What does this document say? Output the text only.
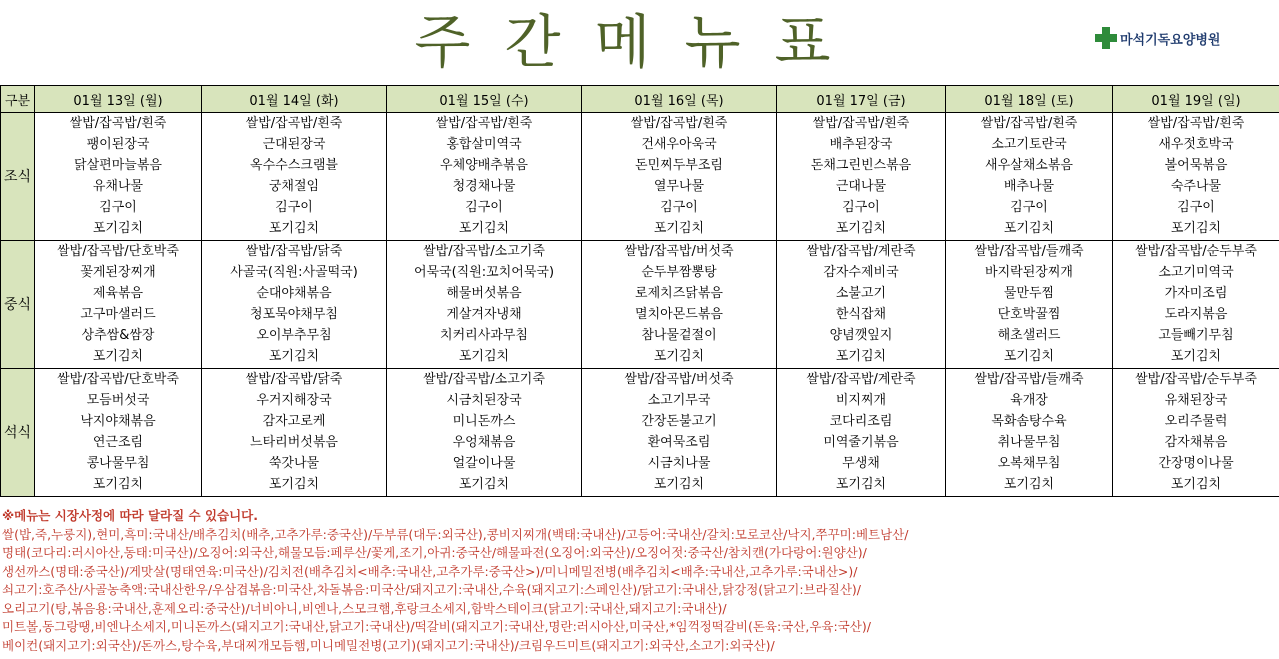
주간메뉴표	마석기독요양병원
구분	01월 13일 (월)	01월 14일 (화)	01월 15일 (수)	01월 16일 (목)	01월 17일 (금)	01월 18일 (토)	01월 19일 (일)
조식	쌀밥/잡곡밥/흰죽	쌀밥/잡곡밥/흰죽	쌀밥/잡곡밥/흰죽	쌀밥/잡곡밥/흰죽	쌀밥/잡곡밥/흰죽	쌀밥/잡곡밥/흰죽	쌀밥/잡곡밥/흰죽
	팽이된장국	근대된장국	홍합살미역국	건새우아욱국	배추된장국	소고기토란국	새우젓호박국
	닭살편마늘볶음	옥수수스크램블	우체양배추볶음	돈민찌두부조림	돈채그린빈스볶음	새우살채소볶음	볼어묵볶음
	유채나물	궁채절임	청경채나물	열무나물	근대나물	배추나물	숙주나물
	김구이	김구이	김구이	김구이	김구이	김구이	김구이
	포기김치	포기김치	포기김치	포기김치	포기김치	포기김치	포기김치
중식	쌀밥/잡곡밥/단호박죽	쌀밥/잡곡밥/닭죽	쌀밥/잡곡밥/소고기죽	쌀밥/잡곡밥/버섯죽	쌀밥/잡곡밥/계란죽	쌀밥/잡곡밥/들깨죽	쌀밥/잡곡밥/순두부죽
	꽃게된장찌개	사골국(직원:사골떡국)	어묵국(직원:꼬치어묵국)	순두부짬뽕탕	감자수제비국	바지락된장찌개	소고기미역국
	제육볶음	순대야채볶음	해물버섯볶음	로제치즈닭볶음	소불고기	물만두찜	가자미조림
	고구마샐러드	청포묵야채무침	게살겨자냉채	멸치아몬드볶음	한식잡채	단호박꿀찜	도라지볶음
	상추쌈&쌈장	오이부추무침	치커리사과무침	참나물겉절이	양념깻잎지	해초샐러드	고들빼기무침
	포기김치	포기김치	포기김치	포기김치	포기김치	포기김치	포기김치
석식	쌀밥/잡곡밥/단호박죽	쌀밥/잡곡밥/닭죽	쌀밥/잡곡밥/소고기죽	쌀밥/잡곡밥/버섯죽	쌀밥/잡곡밥/계란죽	쌀밥/잡곡밥/들깨죽	쌀밥/잡곡밥/순두부죽
	모듬버섯국	우거지해장국	시금치된장국	소고기무국	비지찌개	육개장	유채된장국
	낙지야채볶음	감자고로케	미니돈까스	간장돈불고기	코다리조림	목화솜탕수육	오리주물럭
	연근조림	느타리버섯볶음	우엉채볶음	환여묵조림	미역줄기볶음	취나물무침	감자채볶음
	콩나물무침	쑥갓나물	얼갈이나물	시금치나물	무생채	오복채무침	간장명이나물
	포기김치	포기김치	포기김치	포기김치	포기김치	포기김치	포기김치
※메뉴는 시장사정에 따라 달라질 수 있습니다.
쌀(밥,죽,누룽지),현미,흑미:국내산/배추김치(배추,고추가루:중국산)/두부류(대두:외국산),콩비지찌개(백태:국내산)/고등어:국내산/갈치:모로코산/낙지,쭈꾸미:베트남산/
명태(코다리:러시아산,동태:미국산)/오징어:외국산,해물모듬:페루산/꽃게,조기,아귀:중국산/해물파전(오징어:외국산)/오징어젓:중국산/참치캔(가다랑어:원양산)/
생선까스(명태:중국산)/게맛살(명태연육:미국산)/김치전(배추김치<배추:국내산,고추가루:중국산>)/미니메밀전병(배추김치<배추:국내산,고추가루:국내산>)/
쇠고기:호주산/사골농축액:국내산한우/우삼겹볶음:미국산,차돌볶음:미국산/돼지고기:국내산,수육(돼지고기:스페인산)/닭고기:국내산,닭강정(닭고기:브라질산)/
오리고기(탕,볶음용:국내산,훈제오리:중국산)/너비아니,비엔나,스모크햄,후랑크소세지,함박스테이크(닭고기:국내산,돼지고기:국내산)/
미트볼,동그랑땡,비엔나소세지,미니돈까스(돼지고기:국내산,닭고기:국내산)/떡갈비(돼지고기:국내산,명란:러시아산,미국산,*임꺽정떡갈비(돈육:국산,우육:국산)/
베이컨(돼지고기:외국산)/돈까스,탕수육,부대찌개모듬햄,미니메밀전병(고기)(돼지고기:국내산)/크림우드미트(돼지고기:외국산,소고기:외국산)/
